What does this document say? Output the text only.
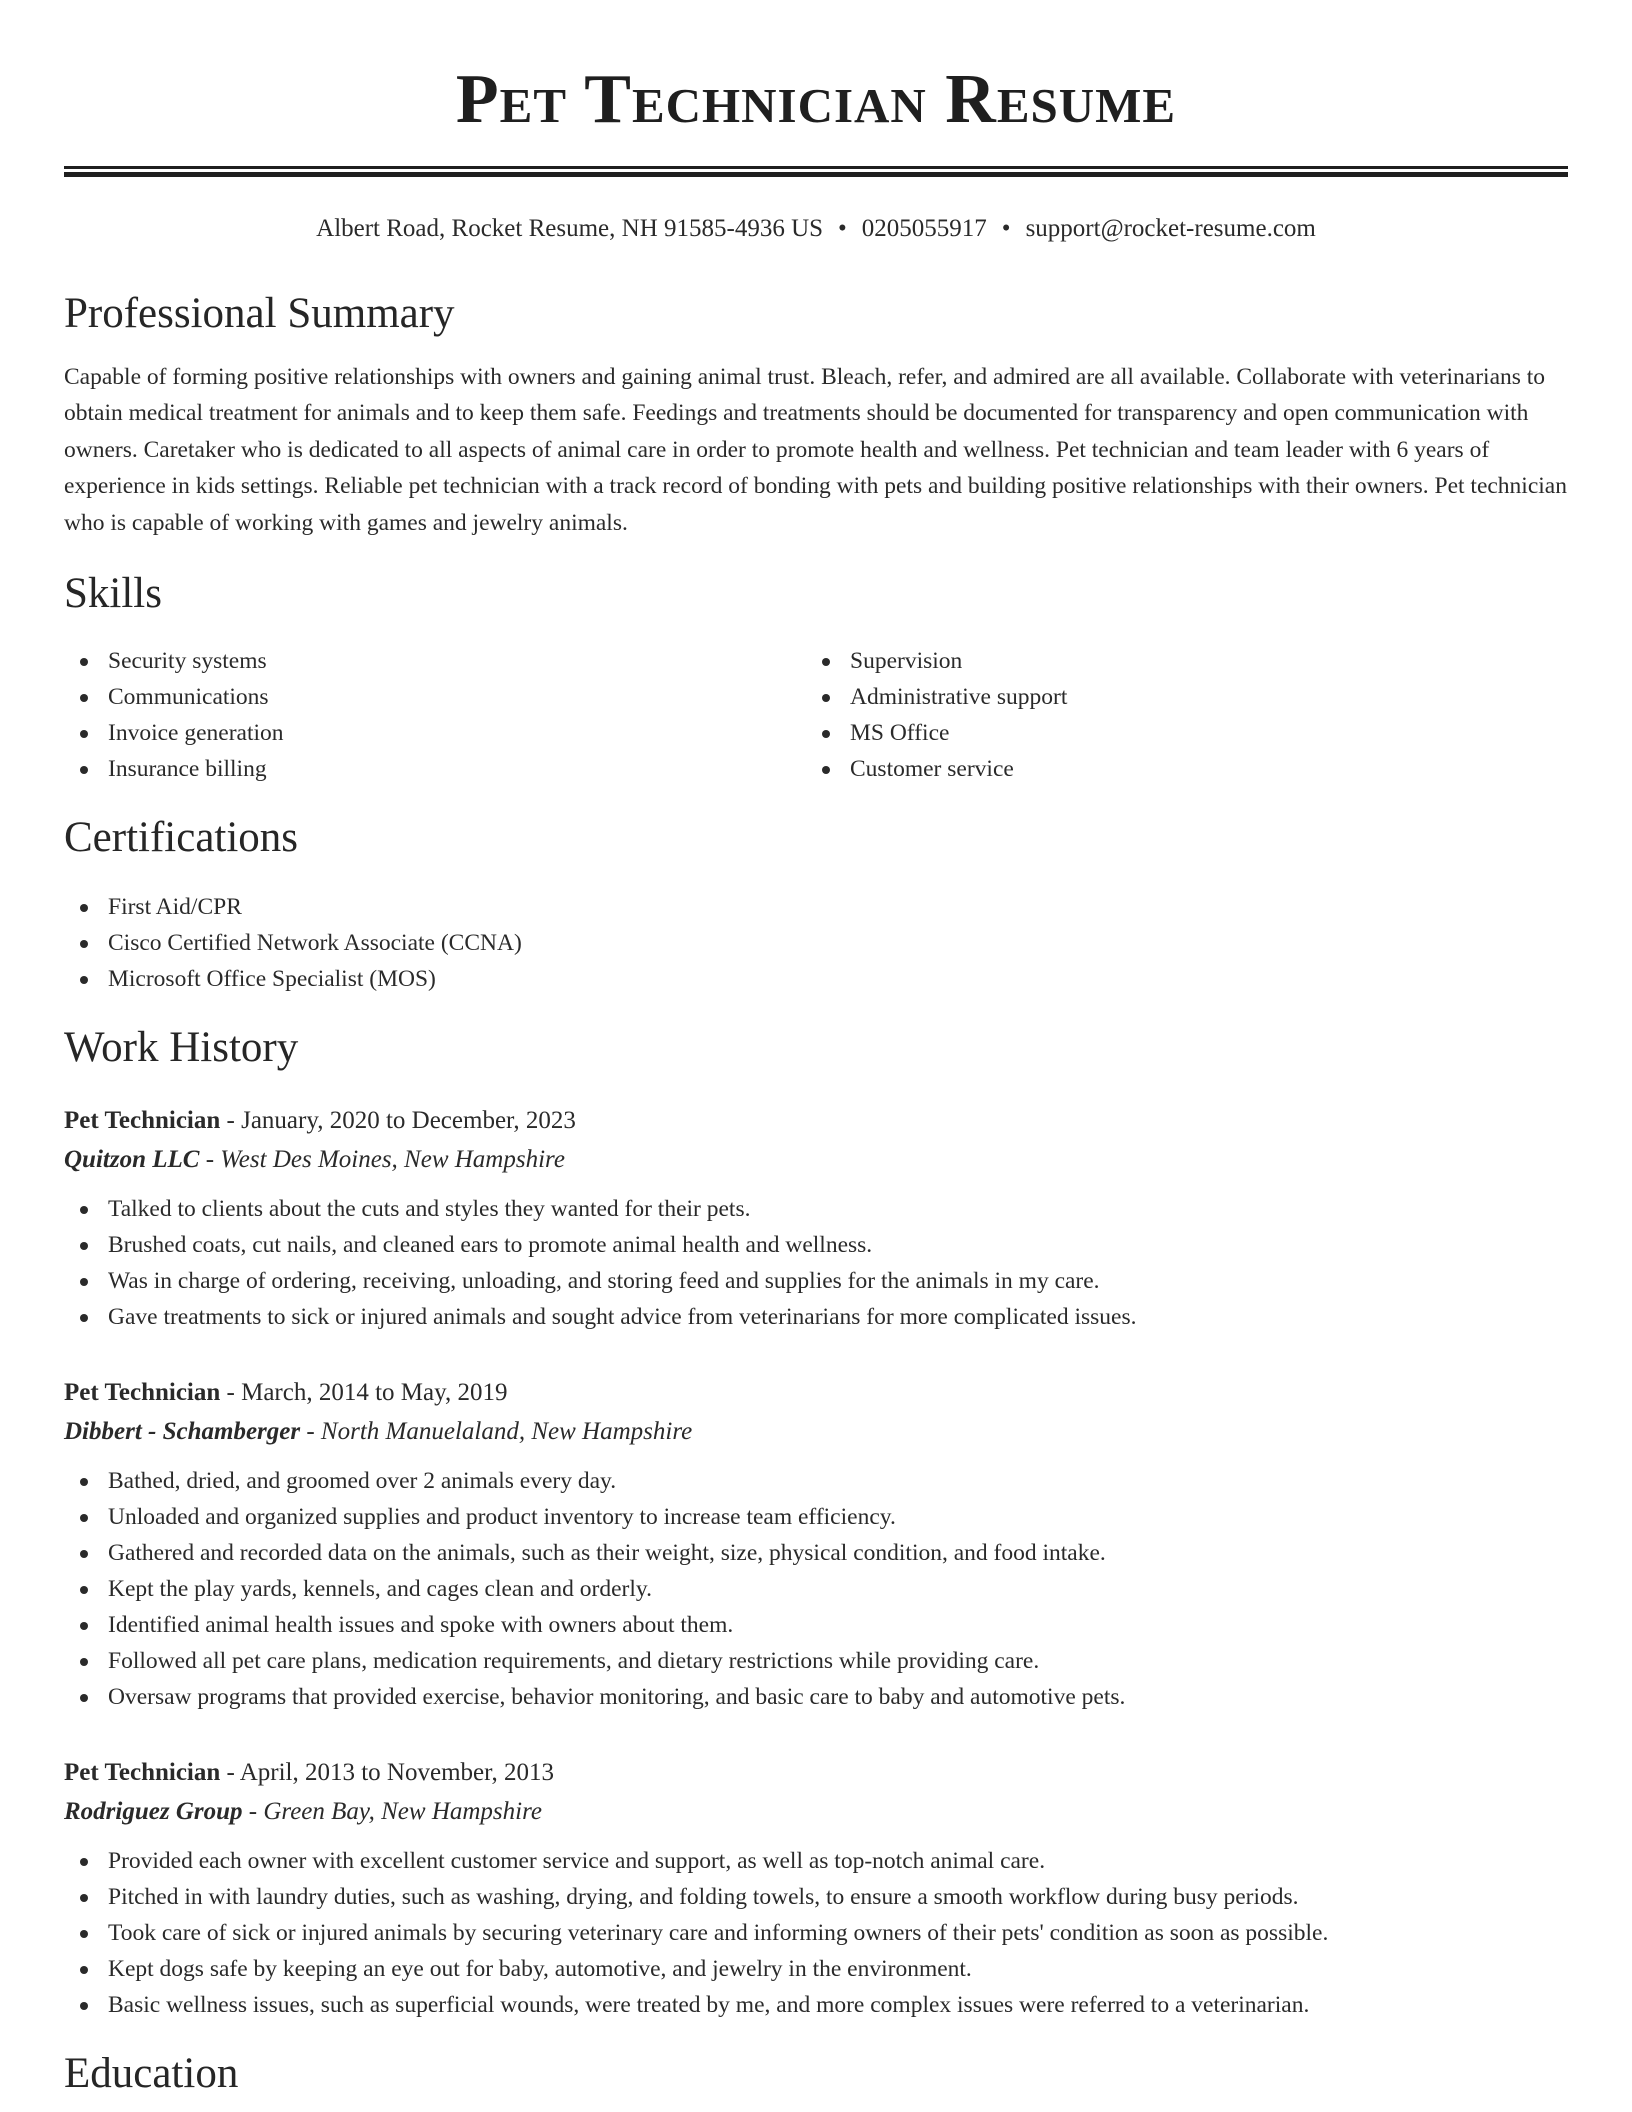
Pet Technician Resume
Albert Road, Rocket Resume, NH 91585-4936 US • 0205055917 • support@rocket-resume.com
Professional Summary

Capable of forming positive relationships with owners and gaining animal trust. Bleach, refer, and admired are all available. Collaborate with veterinarians to obtain medical treatment for animals and to keep them safe. Feedings and treatments should be documented for transparency and open communication with owners. Caretaker who is dedicated to all aspects of animal care in order to promote health and wellness. Pet technician and team leader with 6 years of experience in kids settings. Reliable pet technician with a track record of bonding with pets and building positive relationships with their owners. Pet technician who is capable of working with games and jewelry animals.

Skills
Security systems
Communications
Invoice generation
Insurance billing
Supervision
Administrative support
MS Office
Customer service
Certifications
First Aid/CPR
Cisco Certified Network Associate (CCNA)
Microsoft Office Specialist (MOS)
Work History
Pet Technician - January, 2020 to December, 2023
Quitzon LLC - West Des Moines, New Hampshire
Talked to clients about the cuts and styles they wanted for their pets.
Brushed coats, cut nails, and cleaned ears to promote animal health and wellness.
Was in charge of ordering, receiving, unloading, and storing feed and supplies for the animals in my care.
Gave treatments to sick or injured animals and sought advice from veterinarians for more complicated issues.
Pet Technician - March, 2014 to May, 2019
Dibbert - Schamberger - North Manuelaland, New Hampshire
Bathed, dried, and groomed over 2 animals every day.
Unloaded and organized supplies and product inventory to increase team efficiency.
Gathered and recorded data on the animals, such as their weight, size, physical condition, and food intake.
Kept the play yards, kennels, and cages clean and orderly.
Identified animal health issues and spoke with owners about them.
Followed all pet care plans, medication requirements, and dietary restrictions while providing care.
Oversaw programs that provided exercise, behavior monitoring, and basic care to baby and automotive pets.
Pet Technician - April, 2013 to November, 2013
Rodriguez Group - Green Bay, New Hampshire
Provided each owner with excellent customer service and support, as well as top-notch animal care.
Pitched in with laundry duties, such as washing, drying, and folding towels, to ensure a smooth workflow during busy periods.
Took care of sick or injured animals by securing veterinary care and informing owners of their pets' condition as soon as possible.
Kept dogs safe by keeping an eye out for baby, automotive, and jewelry in the environment.
Basic wellness issues, such as superficial wounds, were treated by me, and more complex issues were referred to a veterinarian.
Education
